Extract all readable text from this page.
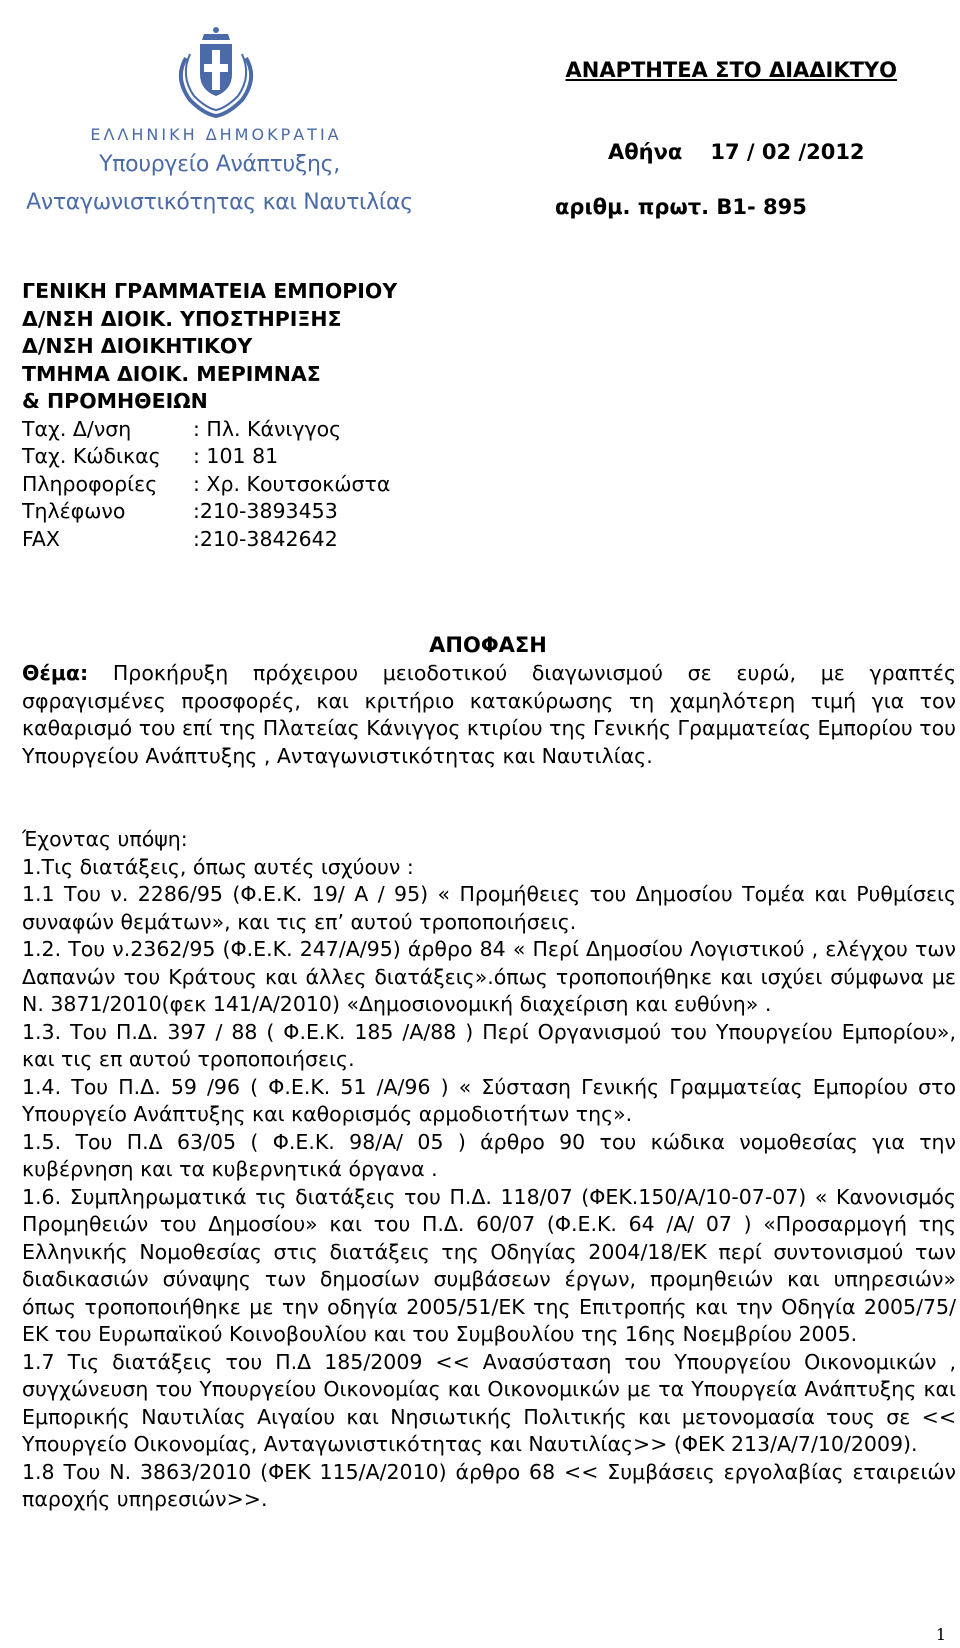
ΕΛΛΗΝΙΚΗ ΔΗΜΟΚΡΑΤΙΑ
Υπουργείο Ανάπτυξης,
Ανταγωνιστικότητας και Ναυτιλίας
ΑΝΑΡΤΗΤΕΑ ΣΤΟ ΔΙΑΔΙΚΤΥΟ
Αθήνα 17 / 02 /2012
αριθμ. πρωτ. Β1- 895
ΓΕΝΙΚΗ ΓΡΑΜΜΑΤΕΙΑ ΕΜΠΟΡΙΟΥ
Δ/ΝΣΗ ΔΙΟΙΚ. ΥΠΟΣΤΗΡΙΞΗΣ
Δ/ΝΣΗ ΔΙΟΙΚΗΤΙΚΟΥ
ΤΜΗΜΑ ΔΙΟΙΚ. ΜΕΡΙΜΝΑΣ
& ΠΡΟΜΗΘΕΙΩΝ
Ταχ. Δ/νση	: Πλ. Κάνιγγος
Ταχ. Κώδικας	: 101 81
Πληροφορίες	: Χρ. Κουτσοκώστα
Τηλέφωνο	:210-3893453
FAX	:210-3842642
ΑΠΟΦΑΣΗ

Θέμα: Προκήρυξη πρόχειρου μειοδοτικού διαγωνισμού σε ευρώ, με γραπτές σφραγισμένες προσφορές, και κριτήριο κατακύρωσης τη χαμηλότερη τιμή για τον καθαρισμό του επί της Πλατείας Κάνιγγος κτιρίου της Γενικής Γραμματείας Εμπορίου του Υπουργείου Ανάπτυξης , Ανταγωνιστικότητας και Ναυτιλίας.

Έχοντας υπόψη:

1.Τις διατάξεις, όπως αυτές ισχύουν :

1.1 Του ν. 2286/95 (Φ.Ε.Κ. 19/ Α / 95) « Προμήθειες του Δημοσίου Τομέα και Ρυθμίσεις συναφών θεμάτων», και τις επ’ αυτού τροποποιήσεις.

1.2. Του ν.2362/95 (Φ.Ε.Κ. 247/Α/95) άρθρο 84 « Περί Δημοσίου Λογιστικού , ελέγχου των Δαπανών του Κράτους και άλλες διατάξεις».όπως τροποποιήθηκε και ισχύει σύμφωνα με Ν. 3871/2010(φεκ 141/Α/2010) «Δημοσιονομική διαχείριση και ευθύνη» .

1.3. Του Π.Δ. 397 / 88 ( Φ.Ε.Κ. 185 /Α/88 ) Περί Οργανισμού του Υπουργείου Εμπορίου», και τις επ αυτού τροποποιήσεις.

1.4. Του Π.Δ. 59 /96 ( Φ.Ε.Κ. 51 /Α/96 ) « Σύσταση Γενικής Γραμματείας Εμπορίου στο Υπουργείο Ανάπτυξης και καθορισμός αρμοδιοτήτων της».

1.5. Του Π.Δ 63/05 ( Φ.Ε.Κ. 98/Α/ 05 ) άρθρο 90 του κώδικα νομοθεσίας για την κυβέρνηση και τα κυβερνητικά όργανα .

1.6. Συμπληρωματικά τις διατάξεις του Π.Δ. 118/07 (ΦΕΚ.150/Α/10-07-07) « Κανονισμός Προμηθειών του Δημοσίου» και του Π.Δ. 60/07 (Φ.Ε.Κ. 64 /Α/ 07 ) «Προσαρμογή της Ελληνικής Νομοθεσίας στις διατάξεις της Οδηγίας 2004/18/ΕΚ περί συντονισμού των διαδικασιών σύναψης των δημοσίων συμβάσεων έργων, προμηθειών και υπηρεσιών» όπως τροποποιήθηκε με την οδηγία 2005/51/ΕΚ της Επιτροπής και την Οδηγία 2005/75/ΕΚ του Ευρωπαϊκού Κοινοβουλίου και του Συμβουλίου της 16ης Νοεμβρίου 2005.

1.7 Τις διατάξεις του Π.Δ 185/2009 << Ανασύσταση του Υπουργείου Οικονομικών , συγχώνευση του Υπουργείου Οικονομίας και Οικονομικών με τα Υπουργεία Ανάπτυξης και Εμπορικής Ναυτιλίας Αιγαίου και Νησιωτικής Πολιτικής και μετονομασία τους σε << Υπουργείο Οικονομίας, Ανταγωνιστικότητας και Ναυτιλίας>> (ΦΕΚ 213/Α/7/10/2009).

1.8 Του Ν. 3863/2010 (ΦΕΚ 115/Α/2010) άρθρο 68 << Συμβάσεις εργολαβίας εταιρειών παροχής υπηρεσιών>>.

1
